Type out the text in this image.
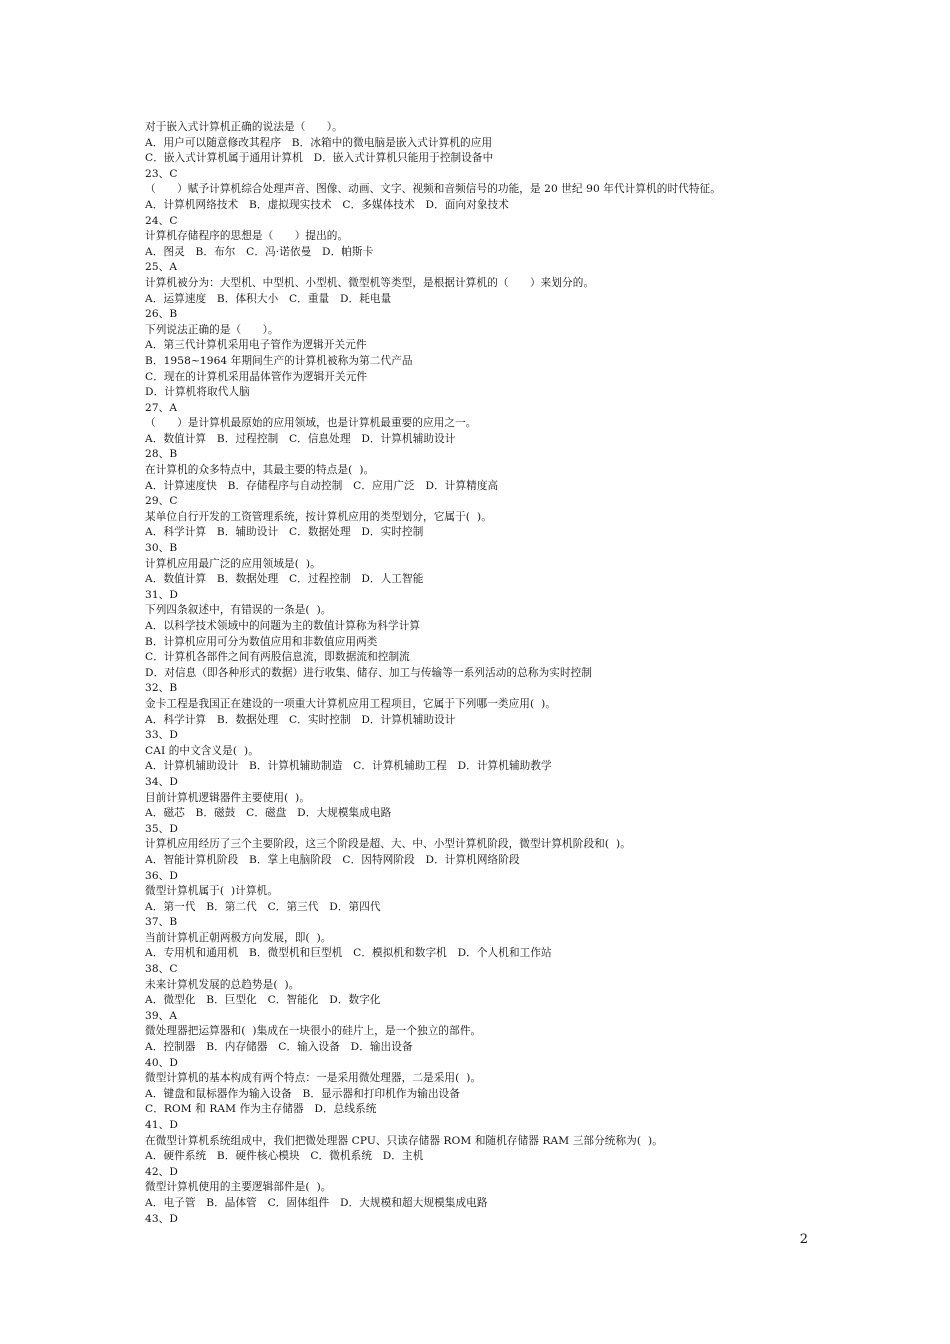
对于嵌入式计算机正确的说法是（　　）。
A．用户可以随意修改其程序　B．冰箱中的微电脑是嵌入式计算机的应用
C．嵌入式计算机属于通用计算机　D．嵌入式计算机只能用于控制设备中
23、C
（　　）赋予计算机综合处理声音、图像、动画、文字、视频和音频信号的功能，是 20 世纪 90 年代计算机的时代特征。
A．计算机网络技术　B．虚拟现实技术　C．多媒体技术　D．面向对象技术
24、C
计算机存储程序的思想是（　　）提出的。
A．图灵　B．布尔　C．冯·诺依曼　D．帕斯卡
25、A
计算机被分为：大型机、中型机、小型机、微型机等类型，是根据计算机的（　　）来划分的。
A．运算速度　B．体积大小　C．重量　D．耗电量
26、B
下列说法正确的是（　　）。
A．第三代计算机采用电子管作为逻辑开关元件
B．1958~1964 年期间生产的计算机被称为第二代产品
C．现在的计算机采用晶体管作为逻辑开关元件
D．计算机将取代人脑
27、A
（　　）是计算机最原始的应用领域，也是计算机最重要的应用之一。
A．数值计算　B．过程控制　C．信息处理　D．计算机辅助设计
28、B
在计算机的众多特点中，其最主要的特点是(  )。
A．计算速度快　B．存储程序与自动控制　C．应用广泛　D．计算精度高
29、C
某单位自行开发的工资管理系统，按计算机应用的类型划分，它属于(  )。
A．科学计算　B．辅助设计　C．数据处理　D．实时控制
30、B
计算机应用最广泛的应用领域是(  )。
A．数值计算　B．数据处理　C．过程控制　D．人工智能
31、D
下列四条叙述中，有错误的一条是(  )。
A．以科学技术领域中的问题为主的数值计算称为科学计算
B．计算机应用可分为数值应用和非数值应用两类
C．计算机各部件之间有两股信息流，即数据流和控制流
D．对信息（即各种形式的数据）进行收集、储存、加工与传输等一系列活动的总称为实时控制
32、B
金卡工程是我国正在建设的一项重大计算机应用工程项目，它属于下列哪一类应用(  )。
A．科学计算　B．数据处理　C．实时控制　D．计算机辅助设计
33、D
CAI 的中文含义是(  )。
A．计算机辅助设计　B．计算机辅助制造　C．计算机辅助工程　D．计算机辅助教学
34、D
目前计算机逻辑器件主要使用(  )。
A．磁芯　B．磁鼓　C．磁盘　D．大规模集成电路
35、D
计算机应用经历了三个主要阶段，这三个阶段是超、大、中、小型计算机阶段，微型计算机阶段和(  )。
A．智能计算机阶段　B．掌上电脑阶段　C．因特网阶段　D．计算机网络阶段
36、D
微型计算机属于(  )计算机。
A．第一代　B．第二代　C．第三代　D．第四代
37、B
当前计算机正朝两极方向发展，即(  )。
A．专用机和通用机　B．微型机和巨型机　C．模拟机和数字机　D．个人机和工作站
38、C
未来计算机发展的总趋势是(  )。
A．微型化　B．巨型化　C．智能化　D．数字化
39、A
微处理器把运算器和(  )集成在一块很小的硅片上，是一个独立的部件。
A．控制器　B．内存储器　C．输入设备　D．输出设备
40、D
微型计算机的基本构成有两个特点：一是采用微处理器，二是采用(  )。
A．键盘和鼠标器作为输入设备　B．显示器和打印机作为输出设备
C．ROM 和 RAM 作为主存储器　D．总线系统
41、D
在微型计算机系统组成中，我们把微处理器 CPU、只读存储器 ROM 和随机存储器 RAM 三部分统称为(  )。
A．硬件系统　B．硬件核心模块　C．微机系统　D．主机
42、D
微型计算机使用的主要逻辑部件是(  )。
A．电子管　B．晶体管　C．固体组件　D．大规模和超大规模集成电路
43、D
2
